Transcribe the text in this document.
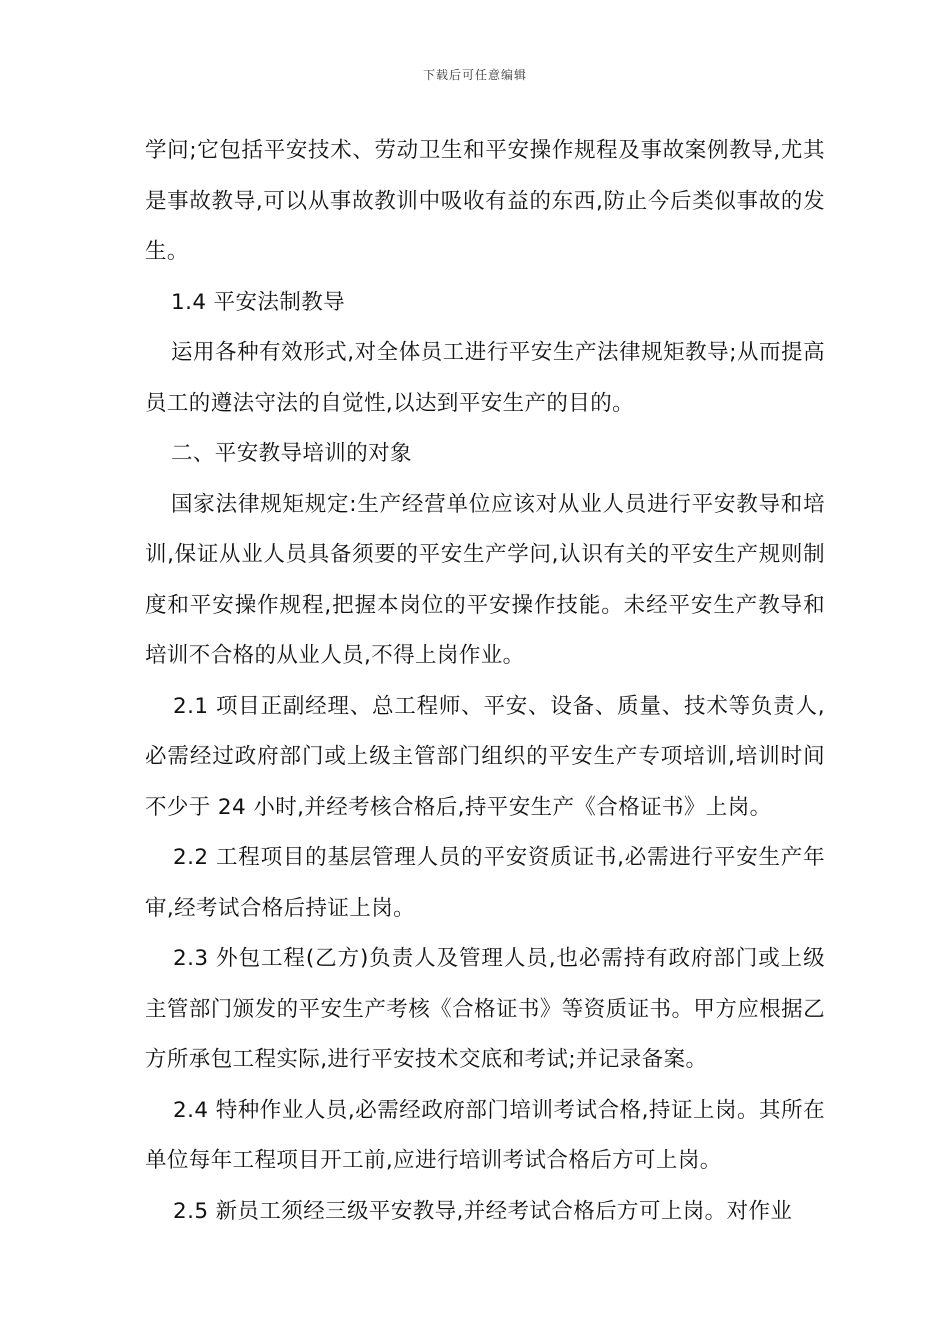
下载后可任意编辑

学问;它包括平安技术、劳动卫生和平安操作规程及事故案例教导,尤其是事故教导,可以从事故教训中吸收有益的东西,防止今后类似事故的发生。

1.4 平安法制教导

运用各种有效形式,对全体员工进行平安生产法律规矩教导;从而提高员工的遵法守法的自觉性,以达到平安生产的目的。

二、平安教导培训的对象

国家法律规矩规定:生产经营单位应该对从业人员进行平安教导和培训,保证从业人员具备须要的平安生产学问,认识有关的平安生产规则制度和平安操作规程,把握本岗位的平安操作技能。未经平安生产教导和培训不合格的从业人员,不得上岗作业。

2.1 项目正副经理、总工程师、平安、设备、质量、技术等负责人,必需经过政府部门或上级主管部门组织的平安生产专项培训,培训时间不少于 24 小时,并经考核合格后,持平安生产《合格证书》上岗。

2.2 工程项目的基层管理人员的平安资质证书,必需进行平安生产年审,经考试合格后持证上岗。

2.3 外包工程(乙方)负责人及管理人员,也必需持有政府部门或上级主管部门颁发的平安生产考核《合格证书》等资质证书。甲方应根据乙方所承包工程实际,进行平安技术交底和考试;并记录备案。

2.4 特种作业人员,必需经政府部门培训考试合格,持证上岗。其所在单位每年工程项目开工前,应进行培训考试合格后方可上岗。

2.5 新员工须经三级平安教导,并经考试合格后方可上岗。对作业
